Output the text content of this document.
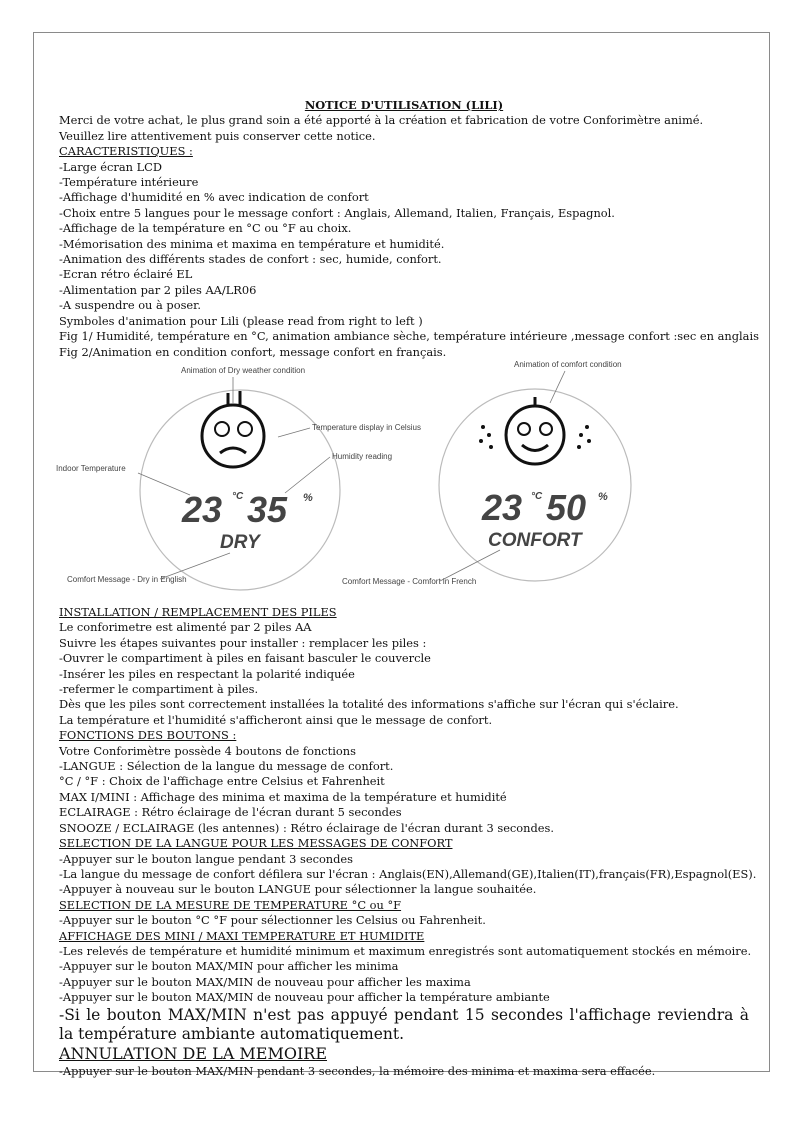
NOTICE D'UTILISATION (LILI)
Merci de votre achat, le plus grand soin a été apporté à la création et fabrication de votre Conforimètre animé.
Veuillez lire attentivement puis conserver cette notice.
CARACTERISTIQUES :
-Large écran LCD
-Température intérieure
-Affichage d'humidité en % avec indication de confort
-Choix entre 5 langues pour le message confort : Anglais, Allemand, Italien, Français, Espagnol.
-Affichage de la température en °C ou °F au choix.
-Mémorisation des minima et maxima en température et humidité.
-Animation des différents stades de confort : sec, humide, confort.
-Ecran rétro éclairé EL
-Alimentation par 2 piles AA/LR06
-A suspendre ou à poser.
Symboles d'animation pour Lili (please read from right to left )
Fig 1/ Humidité, température en °C, animation ambiance sèche, température intérieure ,message confort :sec en anglais
Fig 2/Animation en condition confort, message confort en français.
23 °C 35 %
DRY
Animation of Dry weather condition
Temperature display in Celsius
Humidity reading
Indoor Temperature
Comfort Message - Dry in English
23 °C 50 %
CONFORT
Animation of comfort condition
Comfort Message - Comfort in French
INSTALLATION / REMPLACEMENT DES PILES
Le conforimetre est alimenté par 2 piles AA
Suivre les étapes suivantes pour installer : remplacer les piles :
-Ouvrer le compartiment à piles en faisant basculer le couvercle
-Insérer les piles en respectant la polarité indiquée
-refermer le compartiment à piles.
Dès que les piles sont correctement installées la totalité des informations s'affiche sur l'écran qui s'éclaire.
La température et l'humidité s'afficheront ainsi que le message de confort.
FONCTIONS DES BOUTONS :
Votre Conforimètre possède 4 boutons de fonctions
-LANGUE : Sélection de la langue du message de confort.
°C / °F : Choix de l'affichage entre Celsius et Fahrenheit
MAX I/MINI : Affichage des minima et maxima de la température et humidité
ECLAIRAGE : Rétro éclairage de l'écran durant 5 secondes
SNOOZE / ECLAIRAGE (les antennes) : Rétro éclairage de l'écran durant 3 secondes.
SELECTION DE LA LANGUE POUR LES MESSAGES DE CONFORT
-Appuyer sur le bouton langue pendant 3 secondes
-La langue du message de confort défilera sur l'écran : Anglais(EN),Allemand(GE),Italien(IT),français(FR),Espagnol(ES).
-Appuyer à nouveau sur le bouton LANGUE pour sélectionner la langue souhaitée.
SELECTION DE LA MESURE DE TEMPERATURE °C ou °F
-Appuyer sur le bouton °C °F pour sélectionner les Celsius ou Fahrenheit.
AFFICHAGE DES MINI / MAXI TEMPERATURE ET HUMIDITE
-Les relevés de température et humidité minimum et maximum enregistrés sont automatiquement stockés en mémoire.
-Appuyer sur le bouton MAX/MIN pour afficher les minima
-Appuyer sur le bouton MAX/MIN de nouveau pour afficher les maxima
-Appuyer sur le bouton MAX/MIN de nouveau pour afficher la température ambiante
-Si le bouton MAX/MIN n'est pas appuyé pendant 15 secondes l'affichage reviendra à la température ambiante automatiquement.
ANNULATION DE LA MEMOIRE
-Appuyer sur le bouton MAX/MIN pendant 3 secondes, la mémoire des minima et maxima sera effacée.
